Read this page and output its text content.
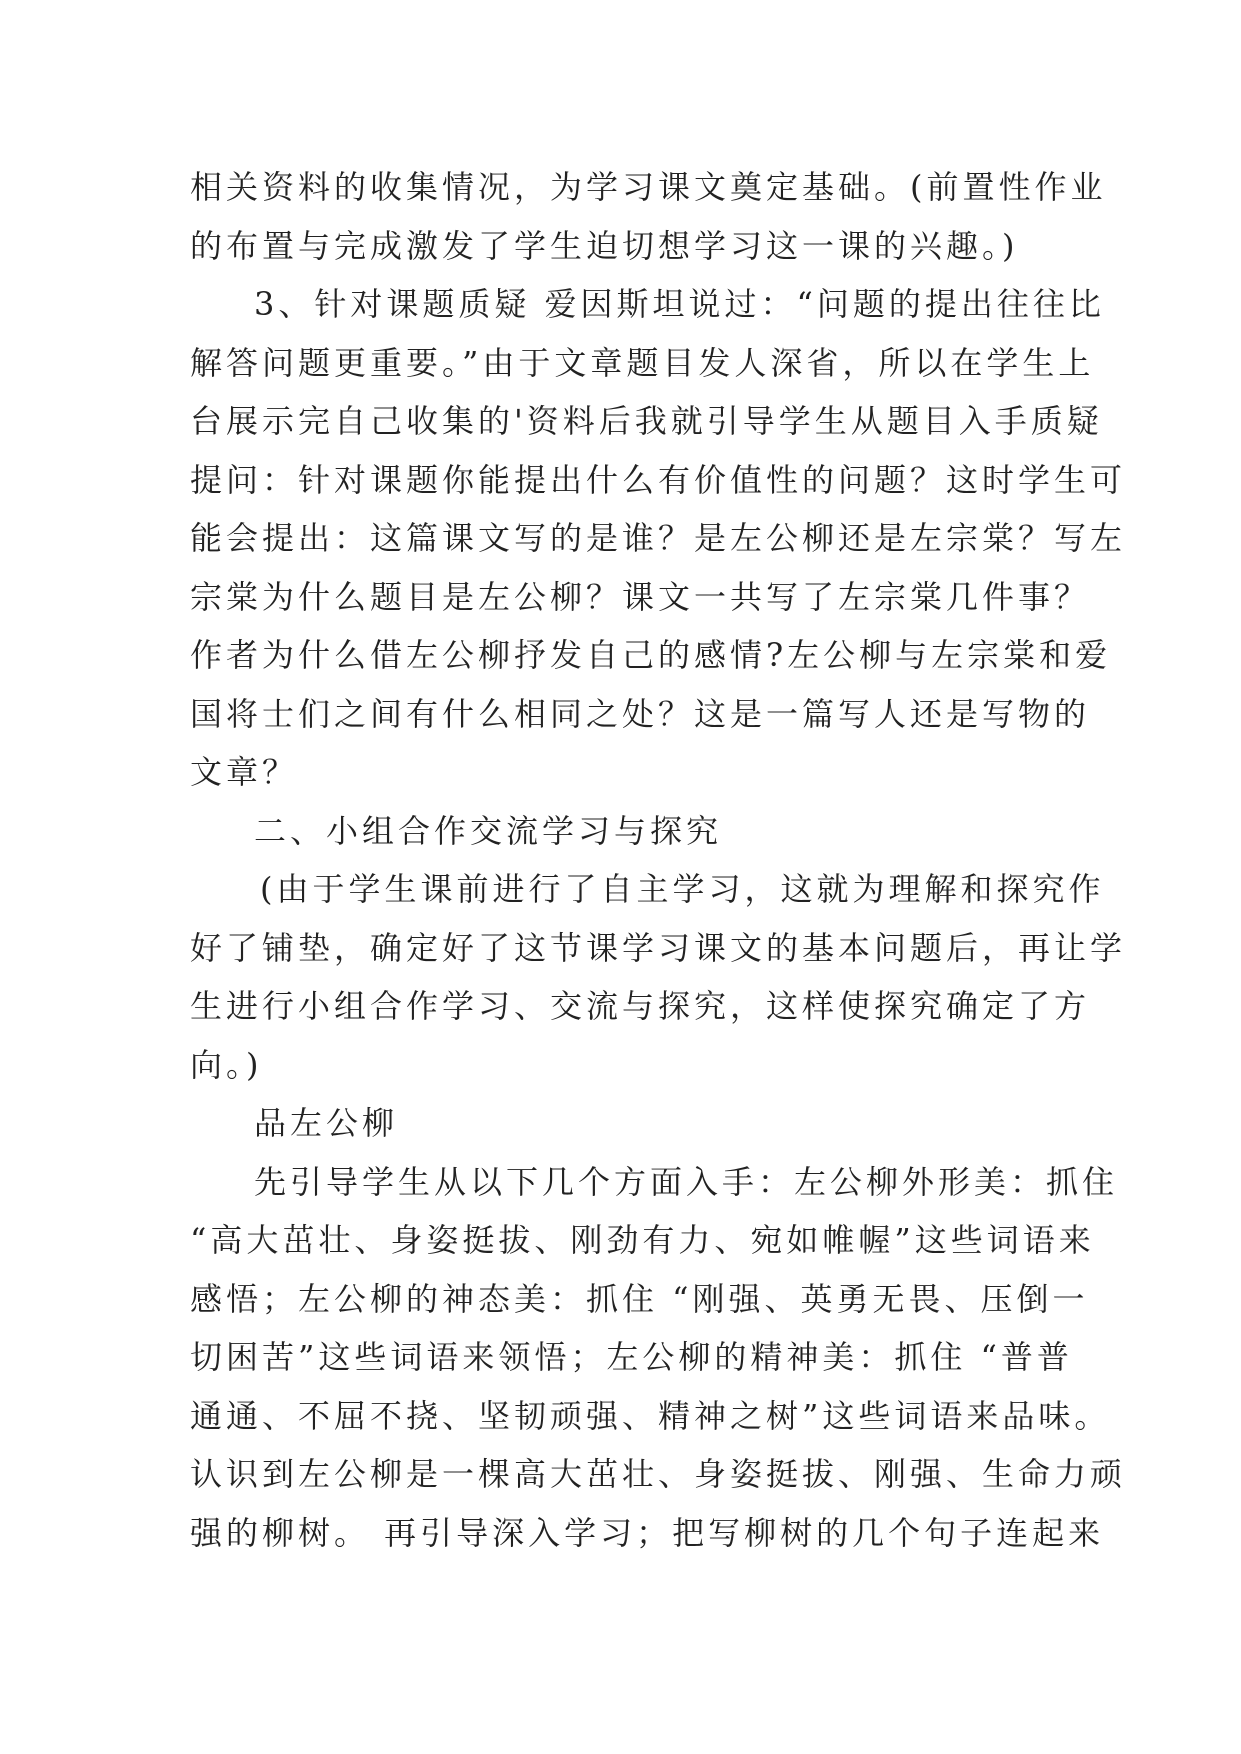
相关资料的收集情况，为学习课文奠定基础。(前置性作业
的布置与完成激发了学生迫切想学习这一课的兴趣。)
3、针对课题质疑 爱因斯坦说过：“问题的提出往往比
解答问题更重要。”由于文章题目发人深省，所以在学生上
台展示完自己收集的'资料后我就引导学生从题目入手质疑
提问：针对课题你能提出什么有价值性的问题？这时学生可
能会提出：这篇课文写的是谁？是左公柳还是左宗棠？写左
宗棠为什么题目是左公柳？课文一共写了左宗棠几件事？
作者为什么借左公柳抒发自己的感情?左公柳与左宗棠和爱
国将士们之间有什么相同之处？这是一篇写人还是写物的
文章？
二、小组合作交流学习与探究
(由于学生课前进行了自主学习，这就为理解和探究作
好了铺垫，确定好了这节课学习课文的基本问题后，再让学
生进行小组合作学习、交流与探究，这样使探究确定了方
向。)
品左公柳
先引导学生从以下几个方面入手：左公柳外形美：抓住
“高大茁壮、身姿挺拔、刚劲有力、宛如帷幄”这些词语来
感悟；左公柳的神态美：抓住 “刚强、英勇无畏、压倒一
切困苦”这些词语来领悟；左公柳的精神美：抓住 “普普
通通、不屈不挠、坚韧顽强、精神之树”这些词语来品味。
认识到左公柳是一棵高大茁壮、身姿挺拔、刚强、生命力顽
强的柳树。 再引导深入学习；把写柳树的几个句子连起来
